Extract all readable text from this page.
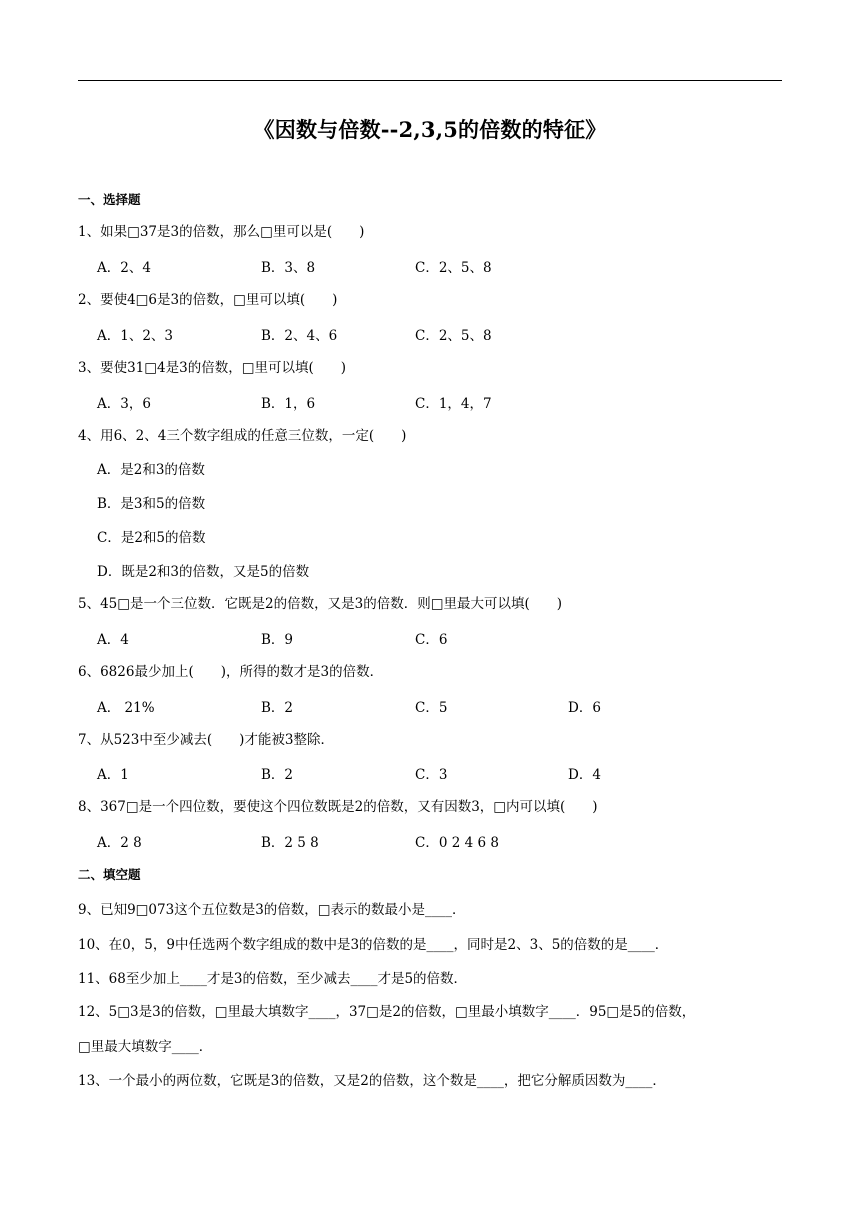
《因数与倍数--2,3,5的倍数的特征》
一、选择题
1、如果□37是3的倍数，那么□里可以是(　　)
A．2、4	B．3、8	C．2、5、8
2、要使4□6是3的倍数，□里可以填(　　)
A．1、2、3	B．2、4、6	C．2、5、8
3、要使31□4是3的倍数，□里可以填(　　)
A．3，6	B．1，6	C．1，4，7
4、用6、2、4三个数字组成的任意三位数，一定(　　)
A．是2和3的倍数
B．是3和5的倍数
C．是2和5的倍数
D．既是2和3的倍数，又是5的倍数
5、45□是一个三位数．它既是2的倍数，又是3的倍数．则□里最大可以填(　　)
A．4	B．9	C．6
6、6826最少加上(　　)，所得的数才是3的倍数．
A． 21%	B．2	C．5	D．6
7、从523中至少减去(　　)才能被3整除．
A．1	B．2	C．3	D．4
8、367□是一个四位数，要使这个四位数既是2的倍数，又有因数3，□内可以填(　　)
A．2 8	B．2 5 8	C．0 2 4 6 8
二、填空题
9、已知9□073这个五位数是3的倍数，□表示的数最小是____．
10、在0，5，9中任选两个数字组成的数中是3的倍数的是____，同时是2、3、5的倍数的是____．
11、68至少加上____才是3的倍数，至少减去____才是5的倍数．
12、5□3是3的倍数，□里最大填数字____，37□是2的倍数，□里最小填数字____．95□是5的倍数，
□里最大填数字____．
13、一个最小的两位数，它既是3的倍数，又是2的倍数，这个数是____，把它分解质因数为____．
